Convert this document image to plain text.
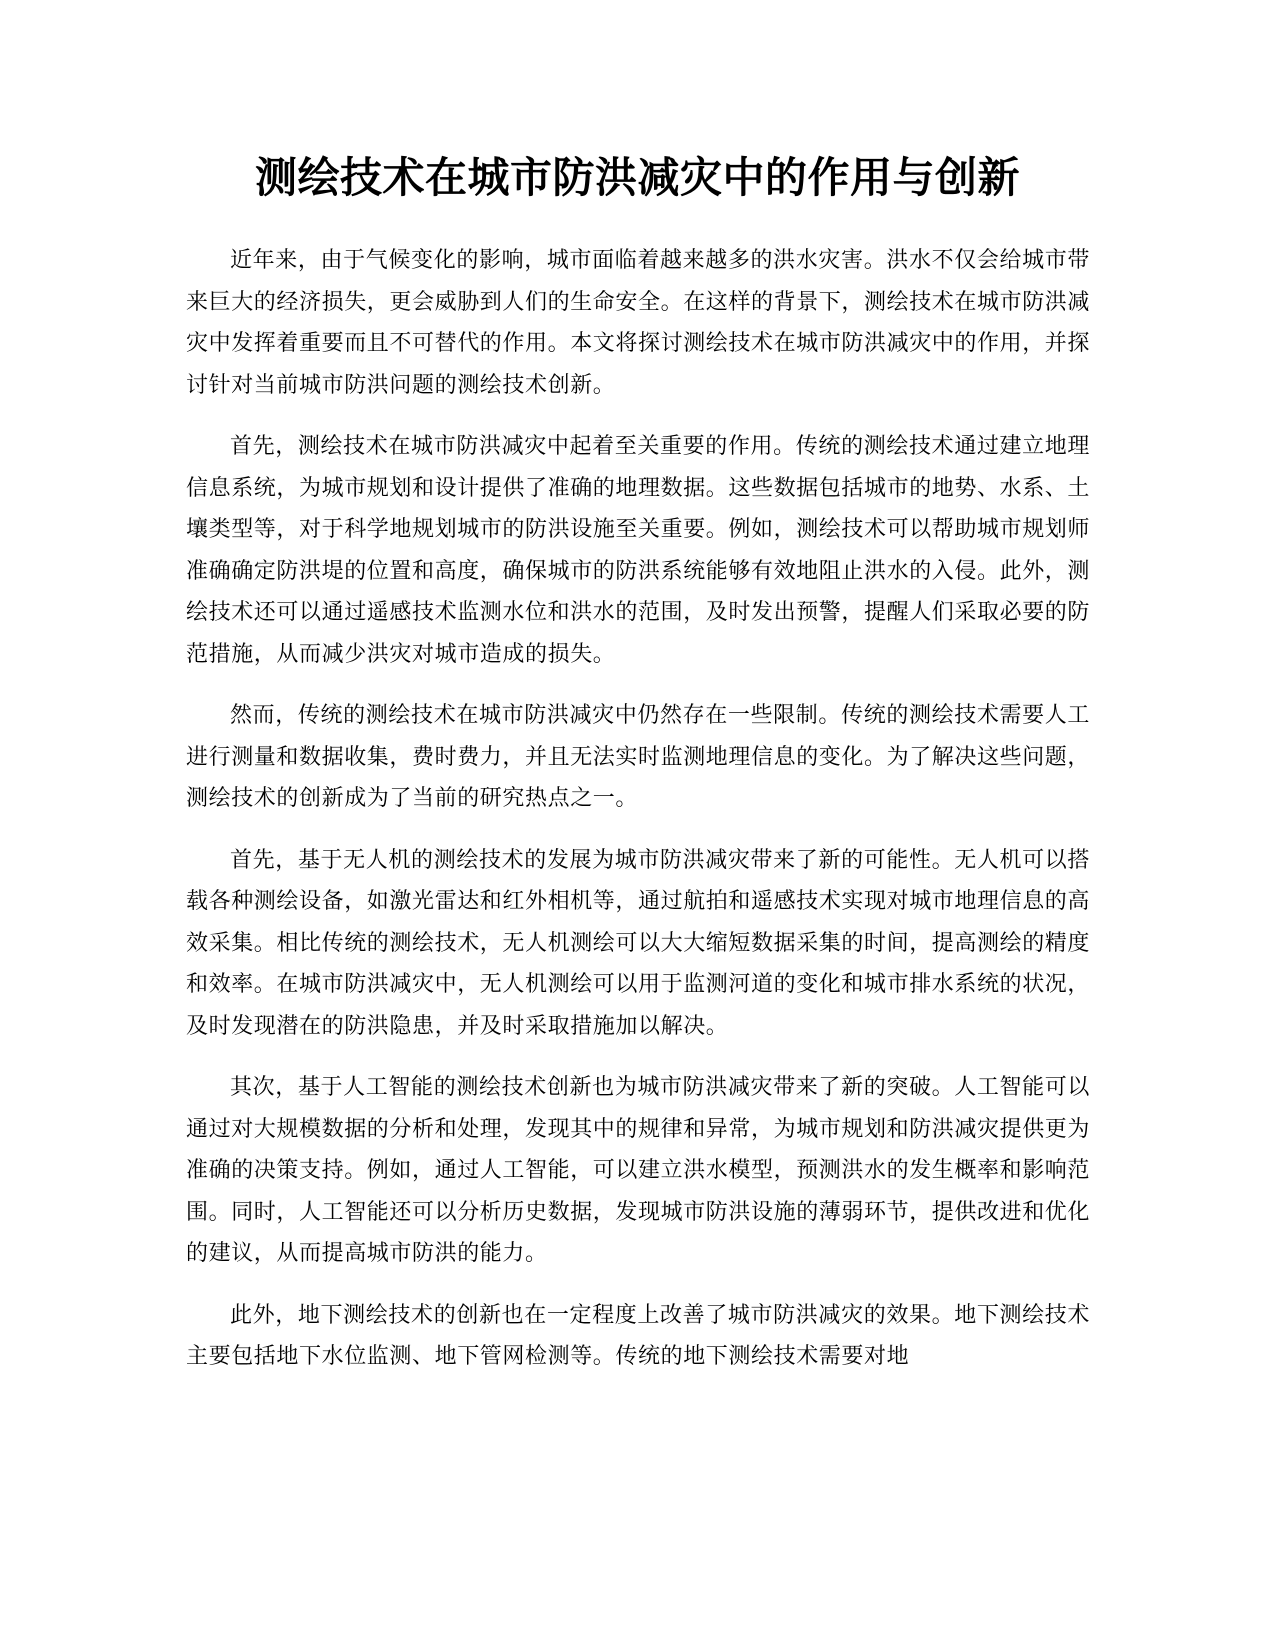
测绘技术在城市防洪减灾中的作用与创新

近年来，由于气候变化的影响，城市面临着越来越多的洪水灾害。洪水不仅会给城市带来巨大的经济损失，更会威胁到人们的生命安全。在这样的背景下，测绘技术在城市防洪减灾中发挥着重要而且不可替代的作用。本文将探讨测绘技术在城市防洪减灾中的作用，并探讨针对当前城市防洪问题的测绘技术创新。

首先，测绘技术在城市防洪减灾中起着至关重要的作用。传统的测绘技术通过建立地理信息系统，为城市规划和设计提供了准确的地理数据。这些数据包括城市的地势、水系、土壤类型等，对于科学地规划城市的防洪设施至关重要。例如，测绘技术可以帮助城市规划师准确确定防洪堤的位置和高度，确保城市的防洪系统能够有效地阻止洪水的入侵。此外，测绘技术还可以通过遥感技术监测水位和洪水的范围，及时发出预警，提醒人们采取必要的防范措施，从而减少洪灾对城市造成的损失。

然而，传统的测绘技术在城市防洪减灾中仍然存在一些限制。传统的测绘技术需要人工进行测量和数据收集，费时费力，并且无法实时监测地理信息的变化。为了解决这些问题，测绘技术的创新成为了当前的研究热点之一。

首先，基于无人机的测绘技术的发展为城市防洪减灾带来了新的可能性。无人机可以搭载各种测绘设备，如激光雷达和红外相机等，通过航拍和遥感技术实现对城市地理信息的高效采集。相比传统的测绘技术，无人机测绘可以大大缩短数据采集的时间，提高测绘的精度和效率。在城市防洪减灾中，无人机测绘可以用于监测河道的变化和城市排水系统的状况，及时发现潜在的防洪隐患，并及时采取措施加以解决。

其次，基于人工智能的测绘技术创新也为城市防洪减灾带来了新的突破。人工智能可以通过对大规模数据的分析和处理，发现其中的规律和异常，为城市规划和防洪减灾提供更为准确的决策支持。例如，通过人工智能，可以建立洪水模型，预测洪水的发生概率和影响范围。同时，人工智能还可以分析历史数据，发现城市防洪设施的薄弱环节，提供改进和优化的建议，从而提高城市防洪的能力。

此外，地下测绘技术的创新也在一定程度上改善了城市防洪减灾的效果。地下测绘技术主要包括地下水位监测、地下管网检测等。传统的地下测绘技术需要对地
